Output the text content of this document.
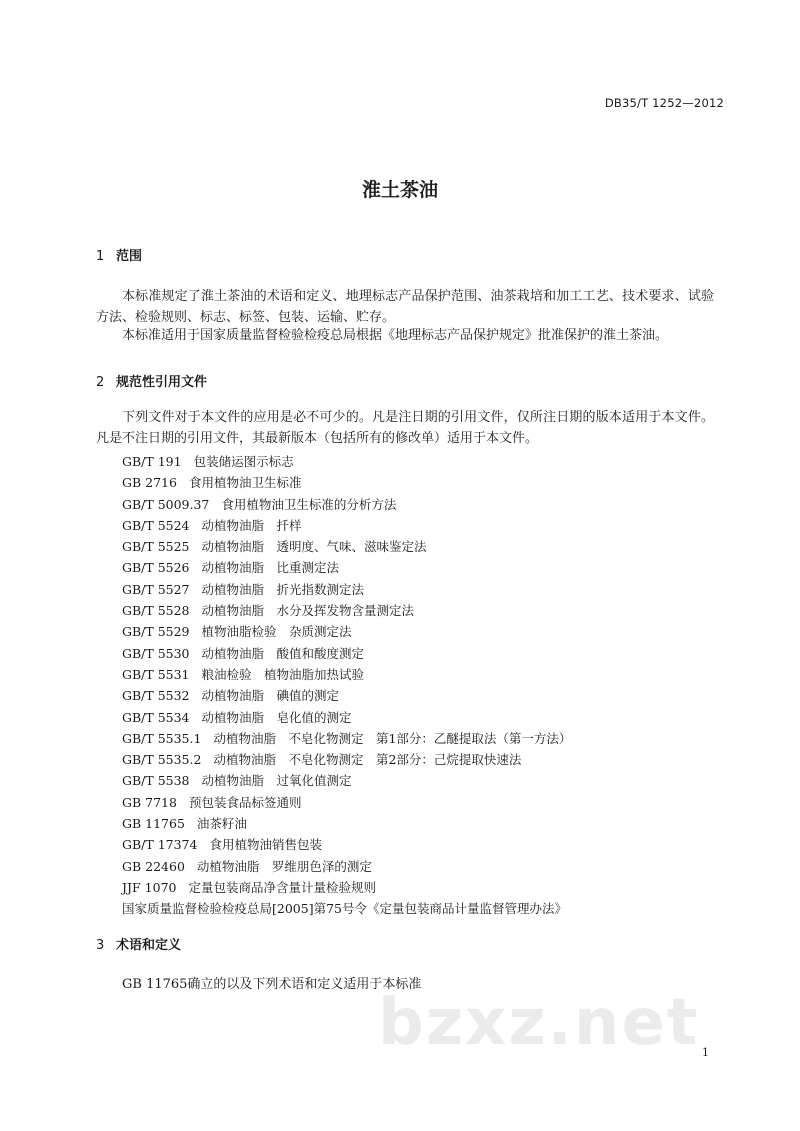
DB35/T 1252—2012
淮土茶油
1 范围
本标准规定了淮土茶油的术语和定义、地理标志产品保护范围、油茶栽培和加工工艺、技术要求、试验方法、检验规则、标志、标签、包装、运输、贮存。
本标准适用于国家质量监督检验检疫总局根据《地理标志产品保护规定》批准保护的淮土茶油。
2 规范性引用文件
下列文件对于本文件的应用是必不可少的。凡是注日期的引用文件，仅所注日期的版本适用于本文件。凡是不注日期的引用文件，其最新版本（包括所有的修改单）适用于本文件。
GB/T 191 包装储运图示标志
GB 2716 食用植物油卫生标准
GB/T 5009.37 食用植物油卫生标准的分析方法
GB/T 5524 动植物油脂　扦样
GB/T 5525 动植物油脂　透明度、气味、滋味鉴定法
GB/T 5526 动植物油脂　比重测定法
GB/T 5527 动植物油脂　折光指数测定法
GB/T 5528 动植物油脂　水分及挥发物含量测定法
GB/T 5529 植物油脂检验　杂质测定法
GB/T 5530 动植物油脂　酸值和酸度测定
GB/T 5531 粮油检验　植物油脂加热试验
GB/T 5532 动植物油脂　碘值的测定
GB/T 5534 动植物油脂　皂化值的测定
GB/T 5535.1 动植物油脂　不皂化物测定　第1部分：乙醚提取法（第一方法）
GB/T 5535.2 动植物油脂　不皂化物测定　第2部分：己烷提取快速法
GB/T 5538 动植物油脂　过氧化值测定
GB 7718 预包装食品标签通则
GB 11765 油茶籽油
GB/T 17374 食用植物油销售包装
GB 22460 动植物油脂　罗维朋色泽的测定
JJF 1070 定量包装商品净含量计量检验规则
国家质量监督检验检疫总局[2005]第75号令《定量包装商品计量监督管理办法》
3 术语和定义
GB 11765确立的以及下列术语和定义适用于本标准
bzxz.net 1
